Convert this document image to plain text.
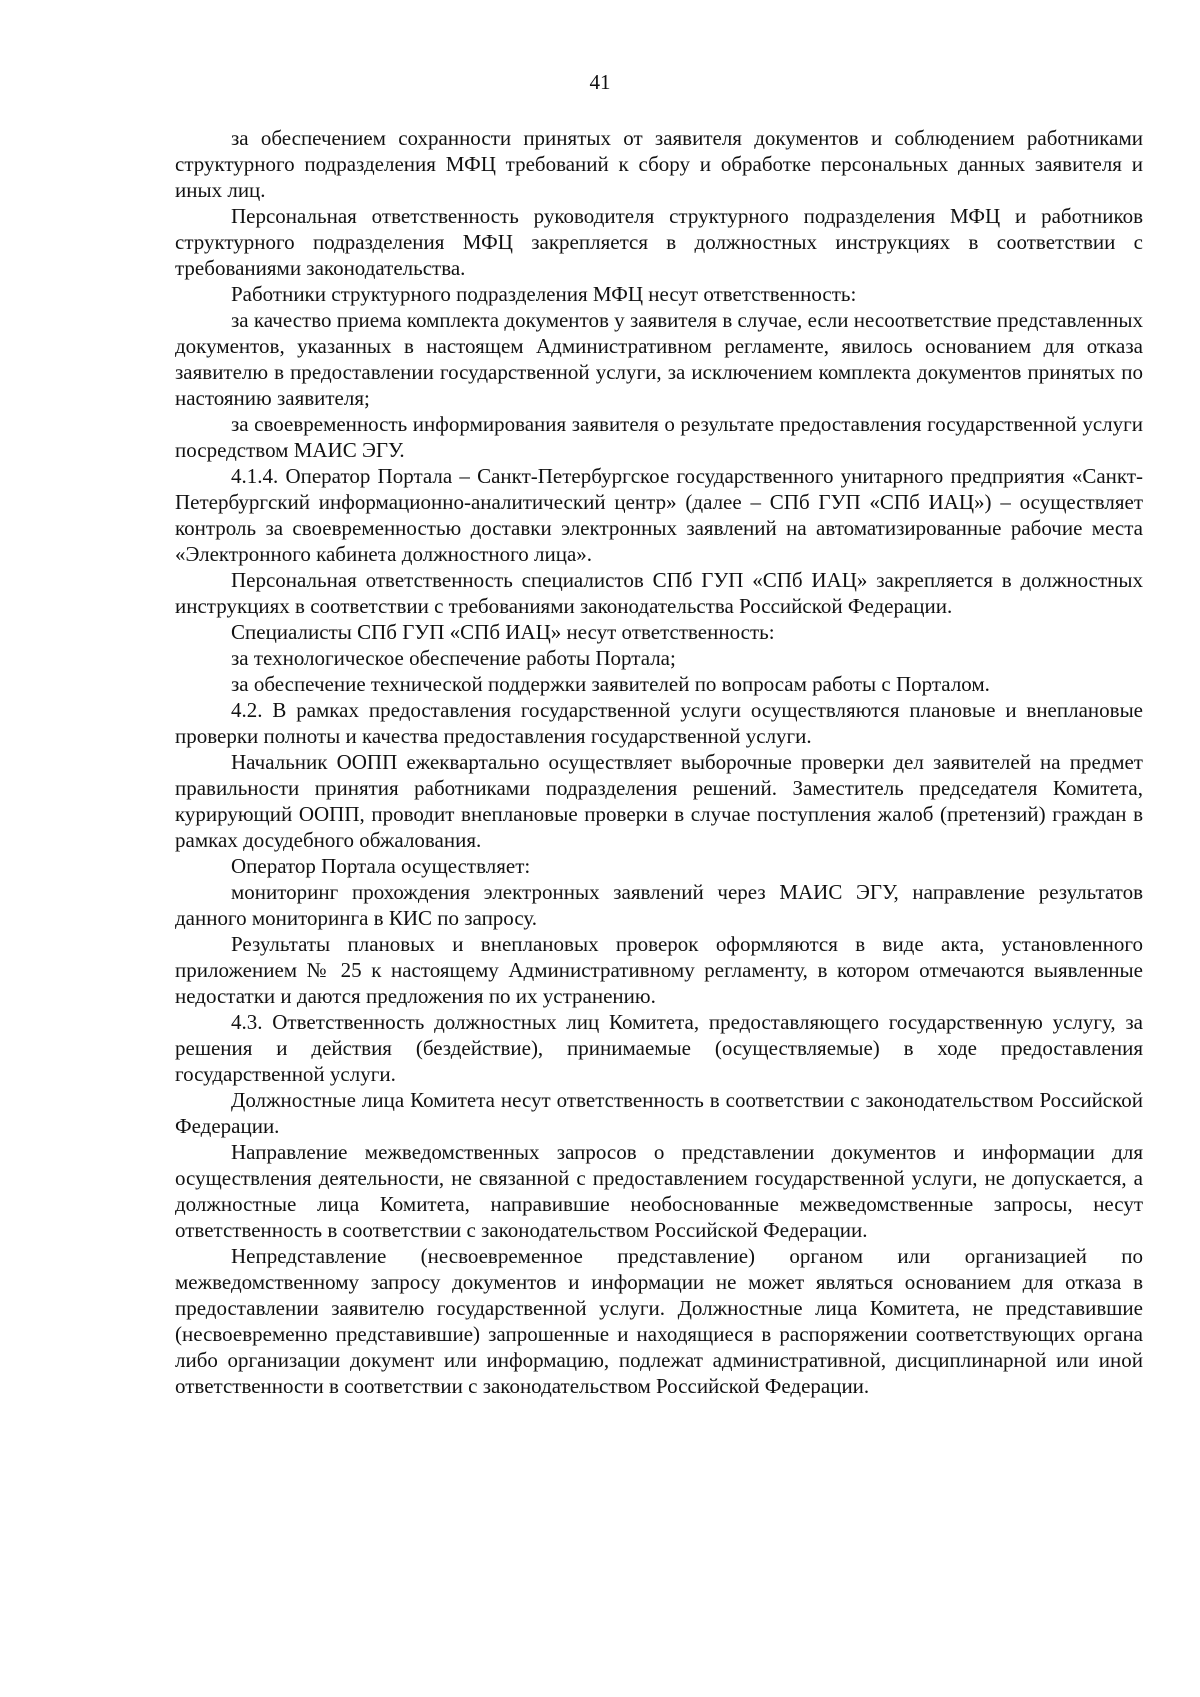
41

за обеспечением сохранности принятых от заявителя документов и соблюдением работниками структурного подразделения МФЦ требований к сбору и обработке персональных данных заявителя и иных лиц.

Персональная ответственность руководителя структурного подразделения МФЦ и работников структурного подразделения МФЦ закрепляется в должностных инструкциях в соответствии с требованиями законодательства.

Работники структурного подразделения МФЦ несут ответственность:

за качество приема комплекта документов у заявителя в случае, если несоответствие представленных документов, указанных в настоящем Административном регламенте, явилось основанием для отказа заявителю в предоставлении государственной услуги, за исключением комплекта документов принятых по настоянию заявителя;

за своевременность информирования заявителя о результате предоставления государственной услуги посредством МАИС ЭГУ.

4.1.4. Оператор Портала – Санкт-Петербургское государственного унитарного предприятия «Санкт-Петербургский информационно-аналитический центр» (далее – СПб ГУП «СПб ИАЦ») – осуществляет контроль за своевременностью доставки электронных заявлений на автоматизированные рабочие места «Электронного кабинета должностного лица».

Персональная ответственность специалистов СПб ГУП «СПб ИАЦ» закрепляется в должностных инструкциях в соответствии с требованиями законодательства Российской Федерации.

Специалисты СПб ГУП «СПб ИАЦ» несут ответственность:

за технологическое обеспечение работы Портала;

за обеспечение технической поддержки заявителей по вопросам работы с Порталом.

4.2. В рамках предоставления государственной услуги осуществляются плановые и внеплановые проверки полноты и качества предоставления государственной услуги.

Начальник ООПП ежеквартально осуществляет выборочные проверки дел заявителей на предмет правильности принятия работниками подразделения решений. Заместитель председателя Комитета, курирующий ООПП, проводит внеплановые проверки в случае поступления жалоб (претензий) граждан в рамках досудебного обжалования.

Оператор Портала осуществляет:

мониторинг прохождения электронных заявлений через МАИС ЭГУ, направление результатов данного мониторинга в КИС по запросу.

Результаты плановых и внеплановых проверок оформляются в виде акта, установленного приложением № 25 к настоящему Административному регламенту, в котором отмечаются выявленные недостатки и даются предложения по их устранению.

4.3. Ответственность должностных лиц Комитета, предоставляющего государственную услугу, за решения и действия (бездействие), принимаемые (осуществляемые) в ходе предоставления государственной услуги.

Должностные лица Комитета несут ответственность в соответствии с законодательством Российской Федерации.

Направление межведомственных запросов о представлении документов и информации для осуществления деятельности, не связанной с предоставлением государственной услуги, не допускается, а должностные лица Комитета, направившие необоснованные межведомственные запросы, несут ответственность в соответствии с законодательством Российской Федерации.

Непредставление (несвоевременное представление) органом или организацией по межведомственному запросу документов и информации не может являться основанием для отказа в предоставлении заявителю государственной услуги. Должностные лица Комитета, не представившие (несвоевременно представившие) запрошенные и находящиеся в распоряжении соответствующих органа либо организации документ или информацию, подлежат административной, дисциплинарной или иной ответственности в соответствии с законодательством Российской Федерации.
